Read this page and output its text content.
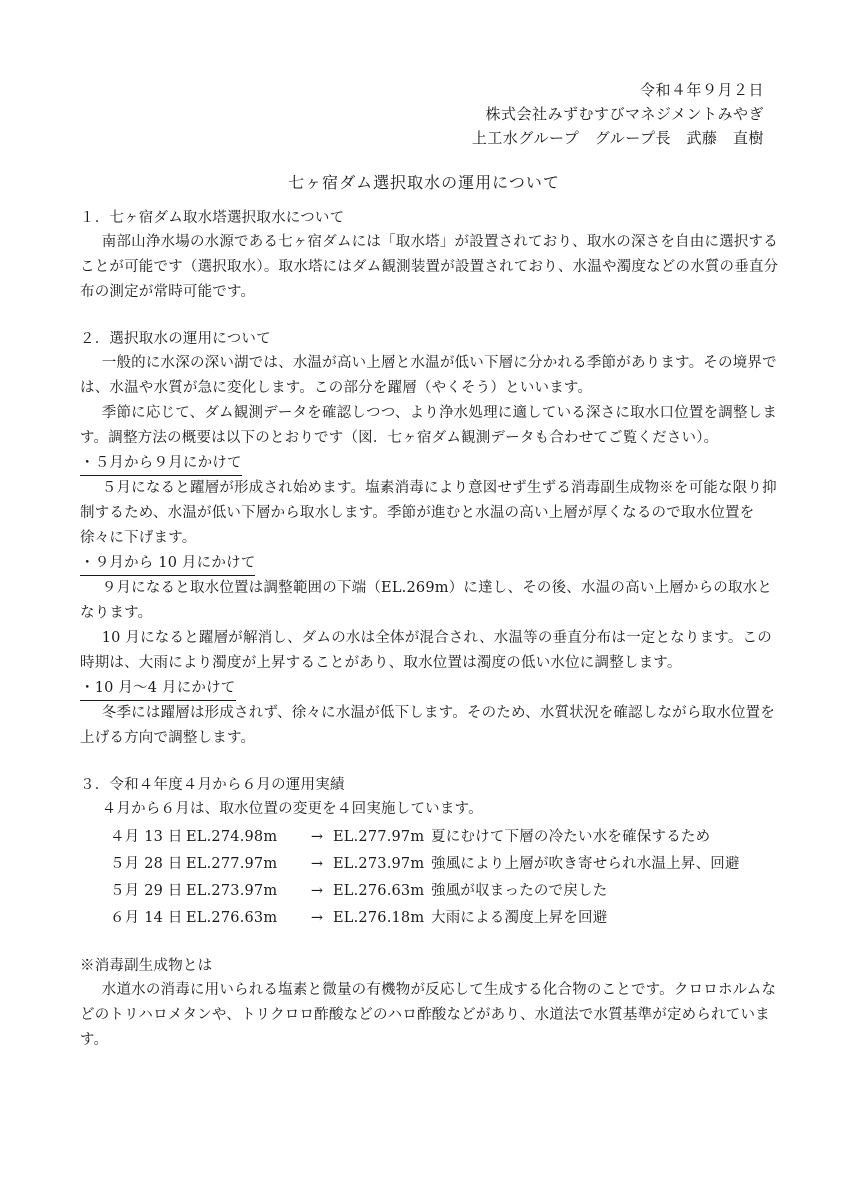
令和４年９月２日
株式会社みずむすびマネジメントみやぎ
上工水グループ　グループ長　武藤　直樹
七ヶ宿ダム選択取水の運用について

１．七ヶ宿ダム取水塔選択取水について

南部山浄水場の水源である七ヶ宿ダムには「取水塔」が設置されており、取水の深さを自由に選択することが可能です（選択取水）。取水塔にはダム観測装置が設置されており、水温や濁度などの水質の垂直分布の測定が常時可能です。

２．選択取水の運用について

一般的に水深の深い湖では、水温が高い上層と水温が低い下層に分かれる季節があります。その境界では、水温や水質が急に変化します。この部分を躍層（やくそう）といいます。

季節に応じて、ダム観測データを確認しつつ、より浄水処理に適している深さに取水口位置を調整します。調整方法の概要は以下のとおりです（図．七ヶ宿ダム観測データも合わせてご覧ください）。

・５月から９月にかけて

５月になると躍層が形成され始めます。塩素消毒により意図せず生ずる消毒副生成物※を可能な限り抑制するため、水温が低い下層から取水します。季節が進むと水温の高い上層が厚くなるので取水位置を徐々に下げます。

・９月から 10 月にかけて

９月になると取水位置は調整範囲の下端（EL.269m）に達し、その後、水温の高い上層からの取水となります。

10 月になると躍層が解消し、ダムの水は全体が混合され、水温等の垂直分布は一定となります。この時期は、大雨により濁度が上昇することがあり、取水位置は濁度の低い水位に調整します。

・10 月～4 月にかけて

冬季には躍層は形成されず、徐々に水温が低下します。そのため、水質状況を確認しながら取水位置を上げる方向で調整します。

３．令和４年度４月から６月の運用実績

４月から６月は、取水位置の変更を４回実施しています。

４月 13 日 EL.274.98m	→ EL.277.97m 夏にむけて下層の冷たい水を確保するため
５月 28 日 EL.277.97m	→ EL.273.97m 強風により上層が吹き寄せられ水温上昇、回避
５月 29 日 EL.273.97m	→ EL.276.63m 強風が収まったので戻した
６月 14 日 EL.276.63m	→ EL.276.18m 大雨による濁度上昇を回避

※消毒副生成物とは

水道水の消毒に用いられる塩素と微量の有機物が反応して生成する化合物のことです。クロロホルムなどのトリハロメタンや、トリクロロ酢酸などのハロ酢酸などがあり、水道法で水質基準が定められています。
